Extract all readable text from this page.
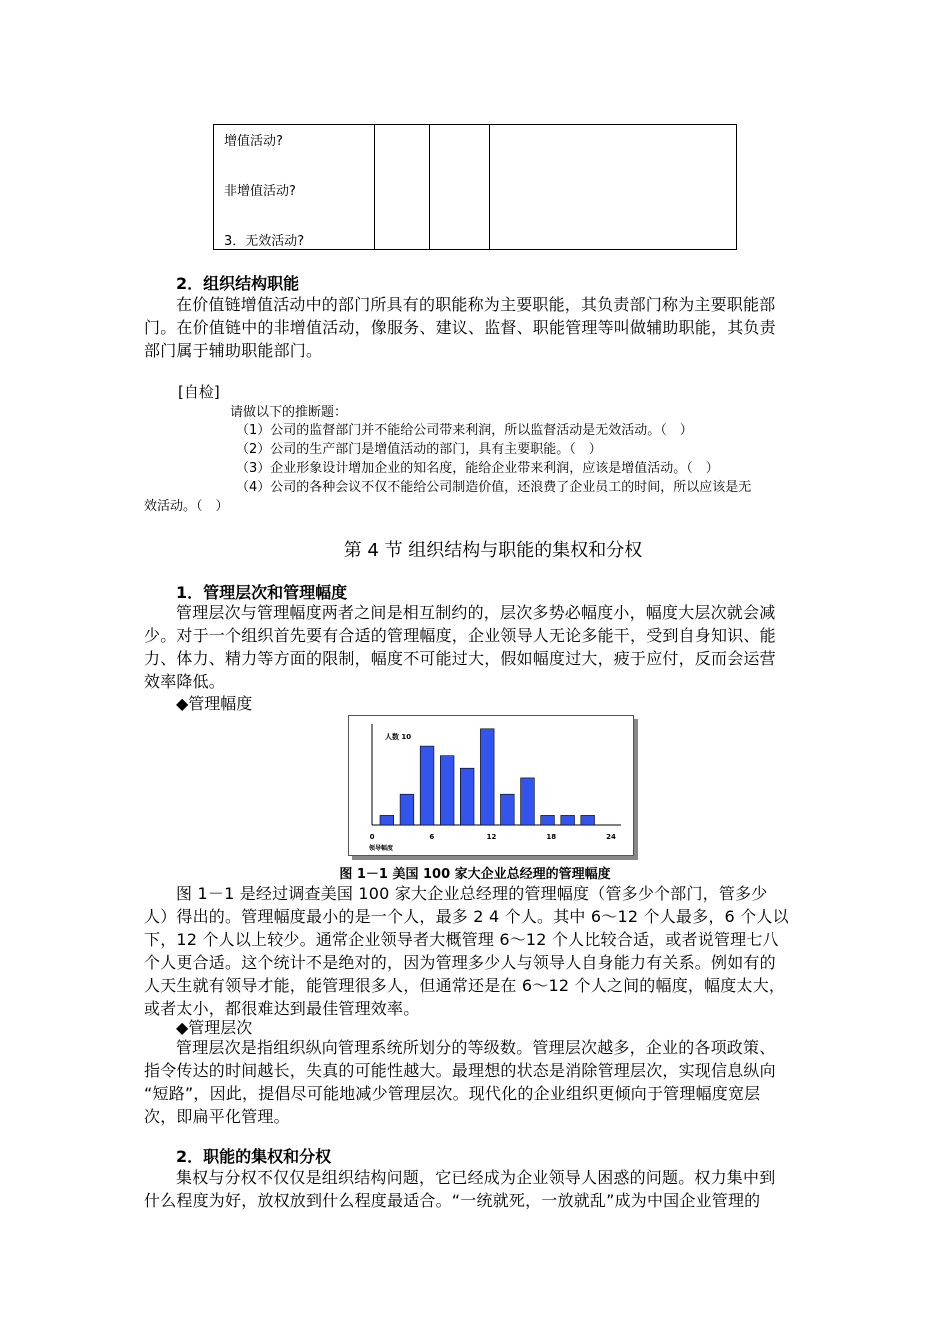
增值活动?
非增值活动?
3．无效活动?

2．组织结构职能

在价值链增值活动中的部门所具有的职能称为主要职能，其负责部门称为主要职能部

门。在价值链中的非增值活动，像服务、建议、监督、职能管理等叫做辅助职能，其负责

部门属于辅助职能部门。

[自检]
请做以下的推断题：
（1）公司的监督部门并不能给公司带来利润，所以监督活动是无效活动。（　）
（2）公司的生产部门是增值活动的部门，具有主要职能。（　）
（3）企业形象设计增加企业的知名度，能给企业带来利润，应该是增值活动。（　）
（4）公司的各种会议不仅不能给公司制造价值，还浪费了企业员工的时间，所以应该是无
效活动。（　）
第 4 节 组织结构与职能的集权和分权
1．管理层次和管理幅度

管理层次与管理幅度两者之间是相互制约的，层次多势必幅度小，幅度大层次就会减

少。对于一个组织首先要有合适的管理幅度，企业领导人无论多能干，受到自身知识、能

力、体力、精力等方面的限制，幅度不可能过大，假如幅度过大，疲于应付，反而会运营

效率降低。

◆管理幅度
人数 10
领导幅度
0	6	12	18	24
图 1－1 美国 100 家大企业总经理的管理幅度

图 1－1 是经过调查美国 100 家大企业总经理的管理幅度（管多少个部门，管多少

人）得出的。管理幅度最小的是一个人，最多 2 4 个人。其中 6～12 个人最多，6 个人以

下，12 个人以上较少。通常企业领导者大概管理 6～12 个人比较合适，或者说管理七八

个人更合适。这个统计不是绝对的，因为管理多少人与领导人自身能力有关系。例如有的

人天生就有领导才能，能管理很多人，但通常还是在 6～12 个人之间的幅度，幅度太大，

或者太小，都很难达到最佳管理效率。

◆管理层次

管理层次是指组织纵向管理系统所划分的等级数。管理层次越多，企业的各项政策、

指令传达的时间越长，失真的可能性越大。最理想的状态是消除管理层次，实现信息纵向

“短路”，因此，提倡尽可能地减少管理层次。现代化的企业组织更倾向于管理幅度宽层

次，即扁平化管理。

2．职能的集权和分权

集权与分权不仅仅是组织结构问题，它已经成为企业领导人困惑的问题。权力集中到

什么程度为好，放权放到什么程度最适合。“一统就死，一放就乱”成为中国企业管理的
